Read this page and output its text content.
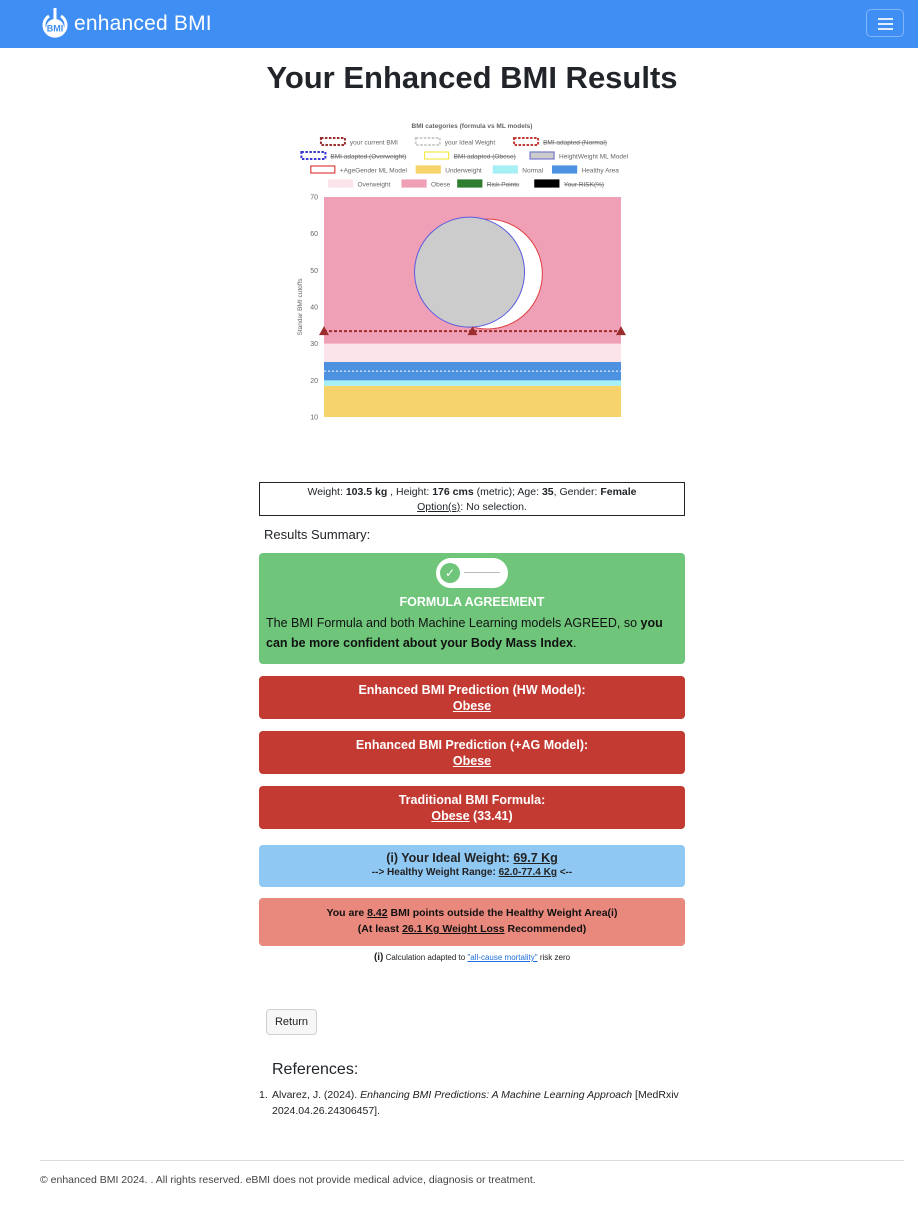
BMI enhanced BMI
Your Enhanced BMI Results
BMI categories (formula vs ML models)
your current BMI	your Ideal Weight	BMI adapted (Normal)
BMI adapted (Overweight)	BMI adapted (Obese)	HeightWeight ML Model
+AgeGender ML Model	Underweight	Normal	Healthy Area
Overweight	Obese	Risk Points	Your RISK(%)
10
20
30
40
50
60
70
Standar BMI cutoffs
Weight: 103.5 kg , Height: 176 cms (metric); Age: 35, Gender: Female
Option(s): No selection.
Results Summary:
✓
FORMULA AGREEMENT
The BMI Formula and both Machine Learning models AGREED, so you can be more confident about your Body Mass Index.
Enhanced BMI Prediction (HW Model):
Obese
Enhanced BMI Prediction (+AG Model):
Obese
Traditional BMI Formula:
Obese (33.41)
(i) Your Ideal Weight: 69.7 Kg
--> Healthy Weight Range: 62.0-77.4 Kg <--
You are 8.42 BMI points outside the Healthy Weight Area(i)
(At least 26.1 Kg Weight Loss Recommended)
(i) Calculation adapted to "all-cause mortality" risk zero
Return
References:
1. Alvarez, J. (2024). Enhancing BMI Predictions: A Machine Learning Approach [MedRxiv 2024.04.26.24306457].
© enhanced BMI 2024. . All rights reserved. eBMI does not provide medical advice, diagnosis or treatment.
